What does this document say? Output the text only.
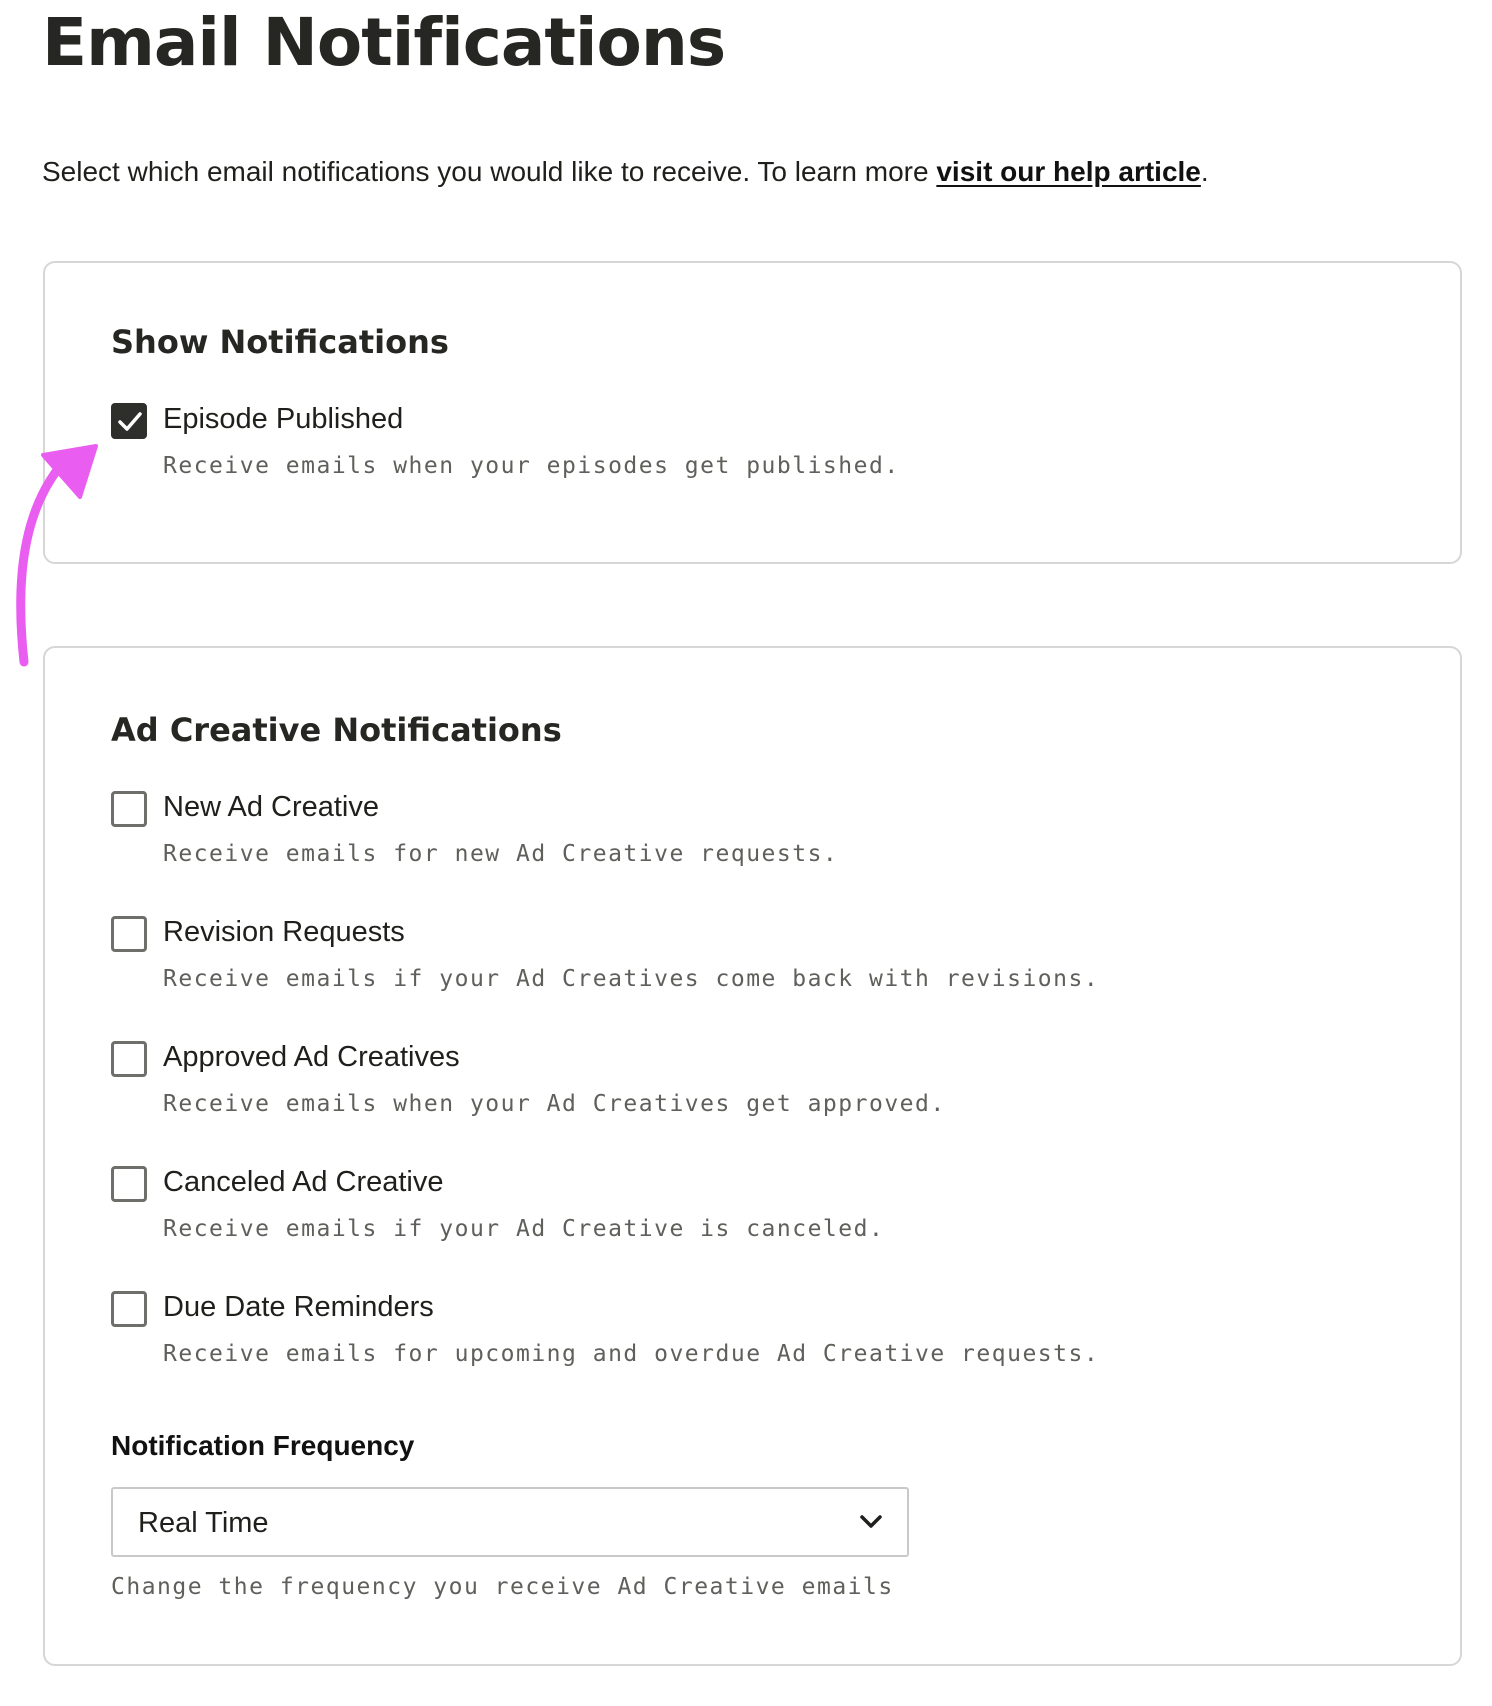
Email Notifications
Select which email notifications you would like to receive. To learn more visit our help article.
Show Notifications
Episode Published
Receive emails when your episodes get published.
Ad Creative Notifications
New Ad Creative
Receive emails for new Ad Creative requests.
Revision Requests
Receive emails if your Ad Creatives come back with revisions.
Approved Ad Creatives
Receive emails when your Ad Creatives get approved.
Canceled Ad Creative
Receive emails if your Ad Creative is canceled.
Due Date Reminders
Receive emails for upcoming and overdue Ad Creative requests.
Notification Frequency
Real Time
Change the frequency you receive Ad Creative emails
